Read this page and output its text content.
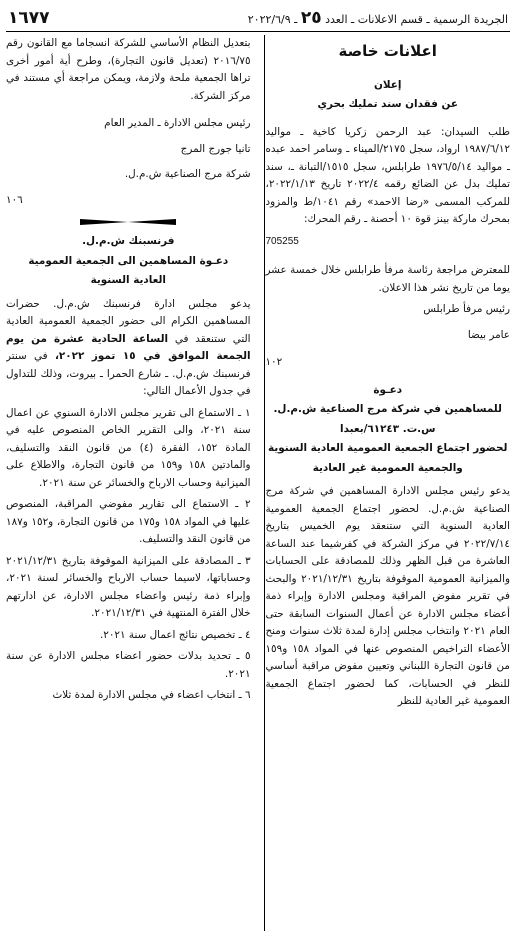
الجريدة الرسمية ـ قسم الاعلانات ـ العدد ٢٥ ـ ٢٠٢٢/٦/٩
١٦٧٧
اعلانات خاصة
إعلان
عن فقدان سند تمليك بحري

طلب السيدان: عبد الرحمن زكريا كاخية ـ مواليد ١٩٨٧/٦/١٢ ارواد، سجل ٢١٧٥/الميناء ـ وسامر احمد عبده ـ مواليد ١٩٧٦/٥/١٤ طرابلس، سجل ١٥١٥/التبانة ـ، سند تمليك بدل عن الضائع رقمه ٢٠٢٢/٤ تاريخ ٢٠٢٢/١/١٣، للمركب المسمى «رضا الاحمد» رقم ١٠٤١/ط والمزود بمحرك ماركة بينز قوة ١٠ أحصنة ـ رقم المحرك:

705255

للمعترض مراجعة رئاسة مرفأ طرابلس خلال خمسة عشر يوما من تاريخ نشر هذا الاعلان.

رئيس مرفأ طرابلس

عامر بيضا

١٠٢
دعـوة
للمساهمين في شركة مرج الصناعية ش.م.ل.
س.ت. ٦١٢٤٣/بعبدا
لحضور اجتماع الجمعية العمومية العادية السنوية
والجمعية العمومية غير العادية

يدعو رئيس مجلس الادارة المساهمين في شركة مرج الصناعية ش.م.ل. لحضور اجتماع الجمعية العمومية العادية السنوية التي ستنعقد يوم الخميس بتاريخ ٢٠٢٢/٧/١٤ في مركز الشركة في كفرشيما عند الساعة العاشرة من قبل الظهر وذلك للمصادقة على الحسابات والميزانية العمومية الموقوفة بتاريخ ٢٠٢١/١٢/٣١ والبحث في تقرير مفوض المراقبة ومجلس الادارة وإبراء ذمة أعضاء مجلس الادارة عن أعمال السنوات السابقة حتى العام ٢٠٢١ وانتخاب مجلس إدارة لمدة ثلاث سنوات ومنح الأعضاء التراخيص المنصوص عنها في المواد ١٥٨ و١٥٩ من قانون التجارة اللبناني وتعيين مفوض مراقبة أساسي للنظر في الحسابات، كما لحضور اجتماع الجمعية العمومية غير العادية للنظر

بتعديل النظام الأساسي للشركة انسجاما مع القانون رقم ٢٠١٦/٧٥ (تعديل قانون التجارة)، وطرح أية أمور أخرى تراها الجمعية ملحة ولازمة، ويمكن مراجعة أي مستند في مركز الشركة.

رئيس مجلس الادارة ـ المدير العام

تانيا جورج المرج

شركة مرج الصناعية ش.م.ل.

١٠٦
فرنسبنك ش.م.ل.
دعـوة المساهمين الى الجمعية العمومية
العادية السنوية

يدعو مجلس ادارة فرنسبنك ش.م.ل. حضرات المساهمين الكرام الى حضور الجمعية العمومية العادية التي ستنعقد في الساعة الحادية عشرة من يوم الجمعة الموافق في ١٥ تموز ٢٠٢٢، في سنتر فرنسبنك ش.م.ل. ـ شارع الحمرا ـ بيروت، وذلك للتداول في جدول الأعمال التالي:

١ ـ الاستماع الى تقرير مجلس الادارة السنوي عن اعمال سنة ٢٠٢١، والى التقرير الخاص المنصوص عليه في المادة ١٥٢، الفقرة (٤) من قانون النقد والتسليف، والمادتين ١٥٨ و١٥٩ من قانون التجارة، والاطلاع على الميزانية وحساب الارباح والخسائر عن سنة ٢٠٢١.

٢ ـ الاستماع الى تقارير مفوضي المراقبة، المنصوص عليها في المواد ١٥٨ و١٧٥ من قانون التجارة، و١٥٢ و١٨٧ من قانون النقد والتسليف.

٣ ـ المصادقة على الميزانية الموقوفة بتاريخ ٢٠٢١/١٢/٣١ وحساباتها، لاسيما حساب الارباح والخسائر لسنة ٢٠٢١، وإبراء ذمة رئيس واعضاء مجلس الادارة، عن ادارتهم خلال الفترة المنتهية في ٢٠٢١/١٢/٣١.

٤ ـ تخصيص نتائج اعمال سنة ٢٠٢١.

٥ ـ تحديد بدلات حضور اعضاء مجلس الادارة عن سنة ٢٠٢١.

٦ ـ انتخاب اعضاء في مجلس الادارة لمدة ثلاث
